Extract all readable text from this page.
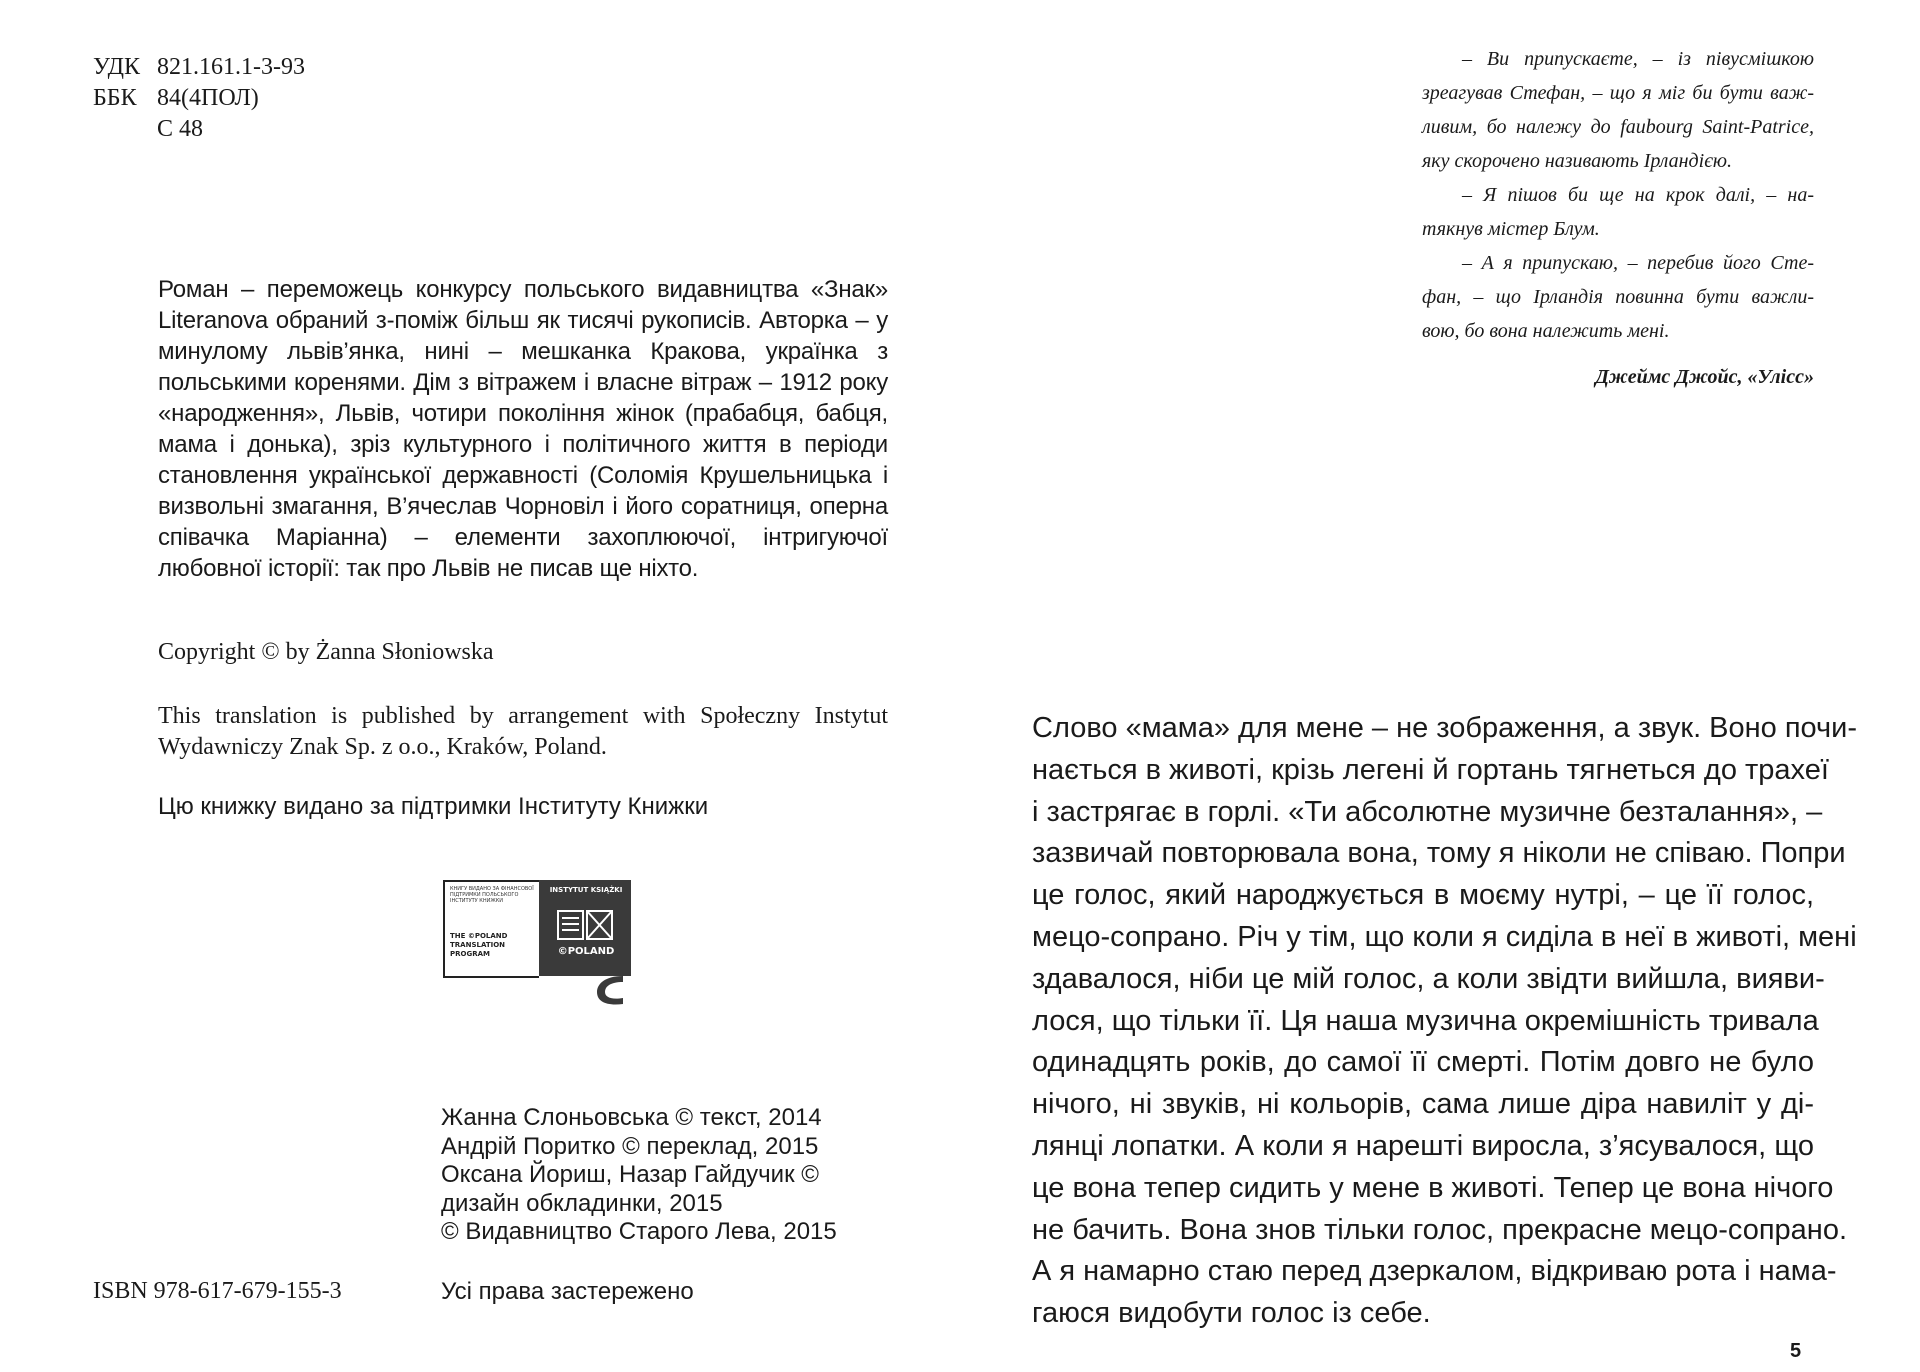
УДК 821.161.1-3-93
ББК 84(4ПОЛ)
С 48
Роман – переможець конкурсу польського видавництва «Знак» Literanova обраний з-поміж більш як тисячі рукописів. Авторка – у минулому львів’янка, нині – мешканка Кракова, українка з польськими коренями. Дім з вітражем і власне вітраж – 1912 року «народження», Львів, чотири покоління жінок (прабабця, бабця, мама і донька), зріз культурного і політичного життя в періоди становлення української державності (Соломія Крушельницька і визвольні змагання, В’ячеслав Чорновіл і його соратниця, оперна співачка Маріанна) – елементи захоплюючої, інтригуючої любовної історії: так про Львів не писав ще ніхто.
Copyright © by Żanna Słoniowska
This translation is published by arrangement with Społeczny Instytut Wydawniczy Znak Sp. z o.o., Kraków, Poland.
Цю книжку видано за підтримки Інституту Книжки
КНИГУ ВИДАНО ЗА ФІНАНСОВОЇ ПІДТРИМКИ ПОЛЬСЬКОГО ІНСТИТУТУ КНИЖКИ
THE ©POLAND
TRANSLATION
PROGRAM
INSTYTUT KSIĄŻKI
©POLAND
Жанна Слоньовська © текст, 2014
Андрій Поритко © переклад, 2015
Оксана Йориш, Назар Гайдучик ©
дизайн обкладинки, 2015
© Видавництво Старого Лева, 2015
ISBN 978-617-679-155-3	Усі права застережено
– Ви припускаєте, – із півусмішкою
зреагував Стефан, – що я міг би бути важ-
ливим, бо належу до faubourg Saint-Patrice,
яку скорочено називають Ірландією.
– Я пішов би ще на крок далі, – на-
тякнув містер Блум.
– А я припускаю, – перебив його Сте-
фан, – що Ірландія повинна бути важли-
вою, бо вона належить мені.
Джеймс Джойс, «Улісс»
Слово «мама» для мене – не зображення, а звук. Воно почи-
нається в животі, крізь легені й гортань тягнеться до трахеї
і застрягає в горлі. «Ти абсолютне музичне безталання», –
зазвичай повторювала вона, тому я ніколи не співаю. Попри
це голос, який народжується в моєму нутрі, – це її голос,
мецо-сопрано. Річ у тім, що коли я сиділа в неї в животі, мені
здавалося, ніби це мій голос, а коли звідти вийшла, вияви-
лося, що тільки її. Ця наша музична окремішність тривала
одинадцять років, до самої її смерті. Потім довго не було
нічого, ні звуків, ні кольорів, сама лише діра навиліт у ді-
лянці лопатки. А коли я нарешті виросла, з’ясувалося, що
це вона тепер сидить у мене в животі. Тепер це вона нічого
не бачить. Вона знов тільки голос, прекрасне мецо-сопрано.
А я намарно стаю перед дзеркалом, відкриваю рота і нама-
гаюся видобути голос із себе.
5
